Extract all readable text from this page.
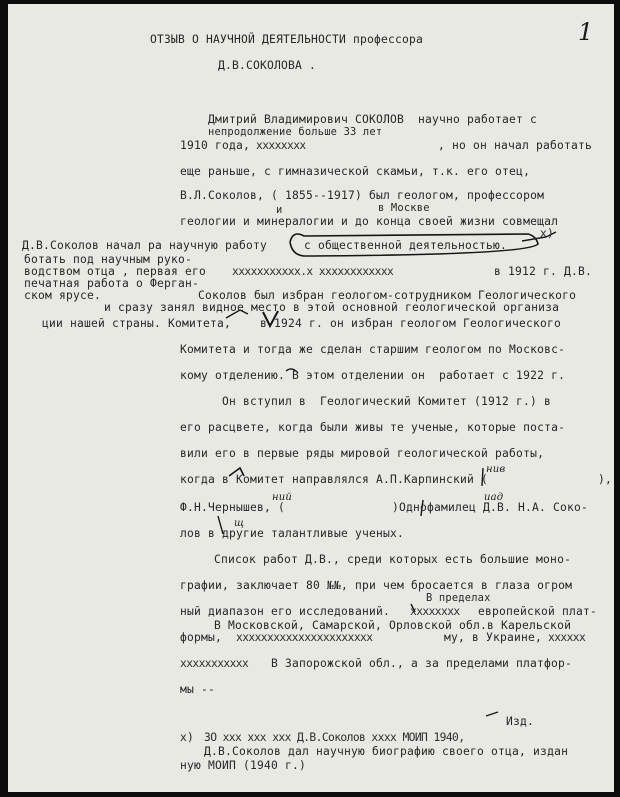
1
ОТЗЫВ О НАУЧНОЙ ДЕЯТЕЛЬНОСТИ профессора
Д.В.СОКОЛОВА .
Дмитрий Владимирович СОКОЛОВ  научно работает с
непродолжение больше 33 лет
1910 года, хххххххх	, но он начал работать
еще раньше, с гимназической скамьи, т.к. его отец,
В.Л.Соколов, ( 1855--1917) был геологом, профессором
и	в Москве
геологии и минералогии и до конца своей жизни совмещал
Д.В.Соколов начал ра научную работу	с общественной деятельностью.
x)
ботать под научным руко-
водством отца , первая его ххххххххххх.х хххххххххххх	в 1912 г. Д.В.
печатная работа о Ферган-
ском ярусе.	Соколов был избран геологом-сотрудником Геологического
и сразу занял видное место в этой основной геологической организа
ции нашей страны. Комитета,	в 1924 г. он избран геологом Геологического
Комитета и тогда же сделан старшим геологом по Московс-
кому отделению. В этом отделении он  работает с 1922 г.
Он вступил в  Геологический Комитет (1912 г.) в
его расцвете, когда были живы те ученые, которые поста-
вили его в первые ряды мировой геологической работы,
когда в Комитет направлялся А.П.Карпинский (	),
нив
ний	иад
щ
Ф.Н.Чернышев, (	)Однофамилец Д.В. Н.А. Соко-
лов в другие талантливые ученых.
Список работ Д.В., среди которых есть большие моно-
графии, заключает 80 №№, при чем бросается в глаза огром
В пределах
ный диапазон его исследований. хххххххх европейской плат-
В Московской, Самарской, Орловской обл.в Карельской
формы, хххххххххххххххххххххх	му, в Украине, хххххх
ххххххххххх В Запорожской обл., а за пределами платфор-
мы --
Изд.
x) ЗО ххх ххх ххх Д.В.Соколов хххх МОИП 1940,
Д.В.Соколов дал научную биографию своего отца, издан
ную МОИП (1940 г.)
